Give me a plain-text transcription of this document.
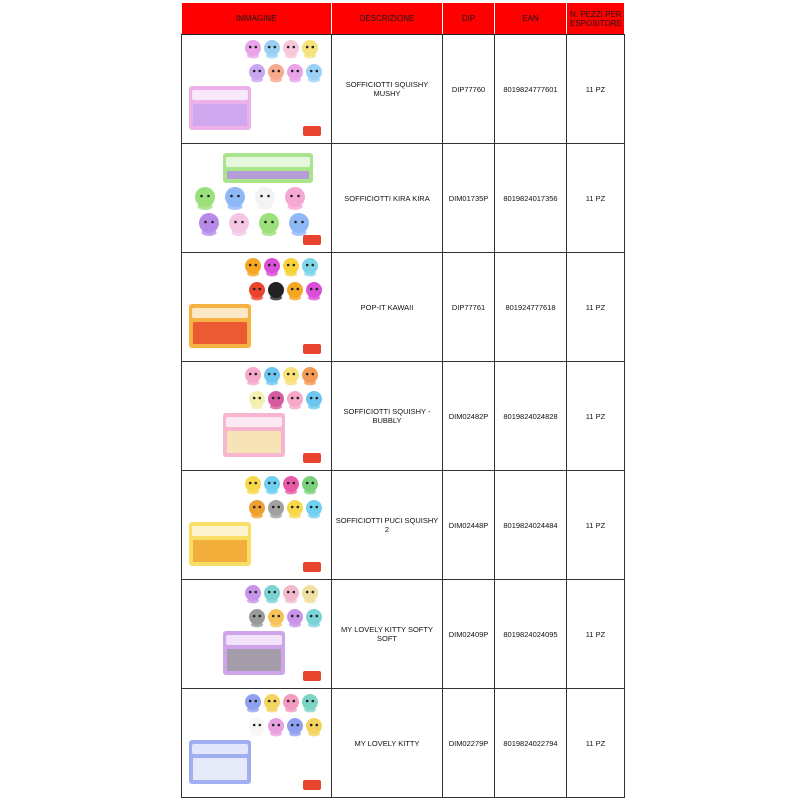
IMMAGINE	DESCRIZIONE	DIP	EAN	N. PEZZI PER ESPOSITORE

	SOFFICIOTTI SQUISHY MUSHY	DIP77760	8019824777601	11 PZ

	SOFFICIOTTI KIRA KIRA	DIM01735P	8019824017356	11 PZ

	POP-IT KAWAII	DIP77761	801924777618	11 PZ

	SOFFICIOTTI SQUISHY - BUBBLY	DIM02482P	8019824024828	11 PZ

	SOFFICIOTTI PUCI SQUISHY 2	DIM02448P	8019824024484	11 PZ

	MY LOVELY KITTY SOFTY SOFT	DIM02409P	8019824024095	11 PZ

	MY LOVELY KITTY	DIM02279P	8019824022794	11 PZ
